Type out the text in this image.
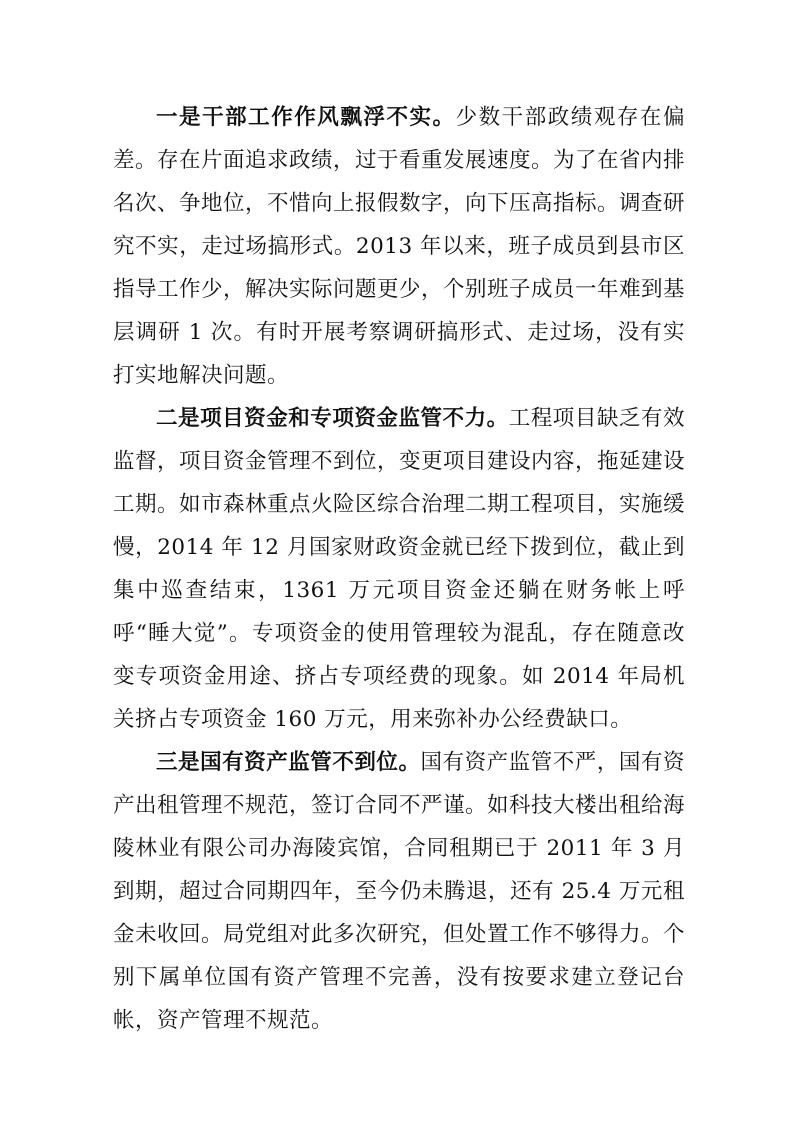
一是干部工作作风飘浮不实。少数干部政绩观存在偏差。存在片面追求政绩，过于看重发展速度。为了在省内排名次、争地位，不惜向上报假数字，向下压高指标。调查研究不实，走过场搞形式。2013 年以来，班子成员到县市区指导工作少，解决实际问题更少，个别班子成员一年难到基层调研 1 次。有时开展考察调研搞形式、走过场，没有实打实地解决问题。

二是项目资金和专项资金监管不力。工程项目缺乏有效监督，项目资金管理不到位，变更项目建设内容，拖延建设工期。如市森林重点火险区综合治理二期工程项目，实施缓慢，2014 年 12 月国家财政资金就已经下拨到位，截止到集中巡查结束，1361 万元项目资金还躺在财务帐上呼呼“睡大觉”。专项资金的使用管理较为混乱，存在随意改变专项资金用途、挤占专项经费的现象。如 2014 年局机关挤占专项资金 160 万元，用来弥补办公经费缺口。

三是国有资产监管不到位。国有资产监管不严，国有资产出租管理不规范，签订合同不严谨。如科技大楼出租给海陵林业有限公司办海陵宾馆，合同租期已于 2011 年 3 月到期，超过合同期四年，至今仍未腾退，还有 25.4 万元租金未收回。局党组对此多次研究，但处置工作不够得力。个别下属单位国有资产管理不完善，没有按要求建立登记台帐，资产管理不规范。
